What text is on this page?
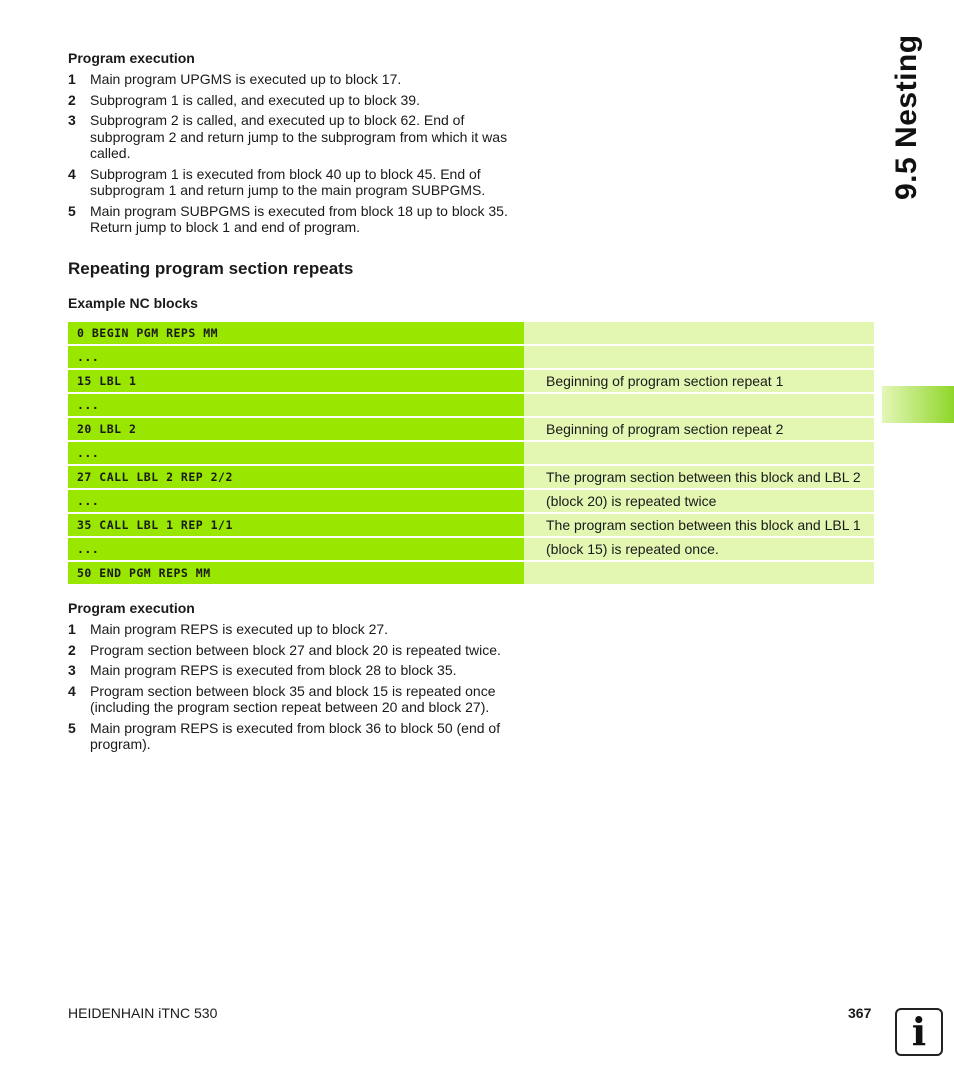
Program execution
1	Main program UPGMS is executed up to block 17.
2	Subprogram 1 is called, and executed up to block 39.
3	Subprogram 2 is called, and executed up to block 62. End of subprogram 2 and return jump to the subprogram from which it was called.
4	Subprogram 1 is executed from block 40 up to block 45. End of subprogram 1 and return jump to the main program SUBPGMS.
5	Main program SUBPGMS is executed from block 18 up to block 35. Return jump to block 1 and end of program.
Repeating program section repeats
Example NC blocks
0 BEGIN PGM REPS MM	
...	
15 LBL 1	Beginning of program section repeat 1
...	
20 LBL 2	Beginning of program section repeat 2
...	
27 CALL LBL 2 REP 2/2	The program section between this block and LBL 2
...	(block 20) is repeated twice
35 CALL LBL 1 REP 1/1	The program section between this block and LBL 1
...	(block 15) is repeated once.
50 END PGM REPS MM	
Program execution
1	Main program REPS is executed up to block 27.
2	Program section between block 27 and block 20 is repeated twice.
3	Main program REPS is executed from block 28 to block 35.
4	Program section between block 35 and block 15 is repeated once (including the program section repeat between 20 and block 27).
5	Main program REPS is executed from block 36 to block 50 (end of program).
9.5 Nesting
HEIDENHAIN iTNC 530	367 i
